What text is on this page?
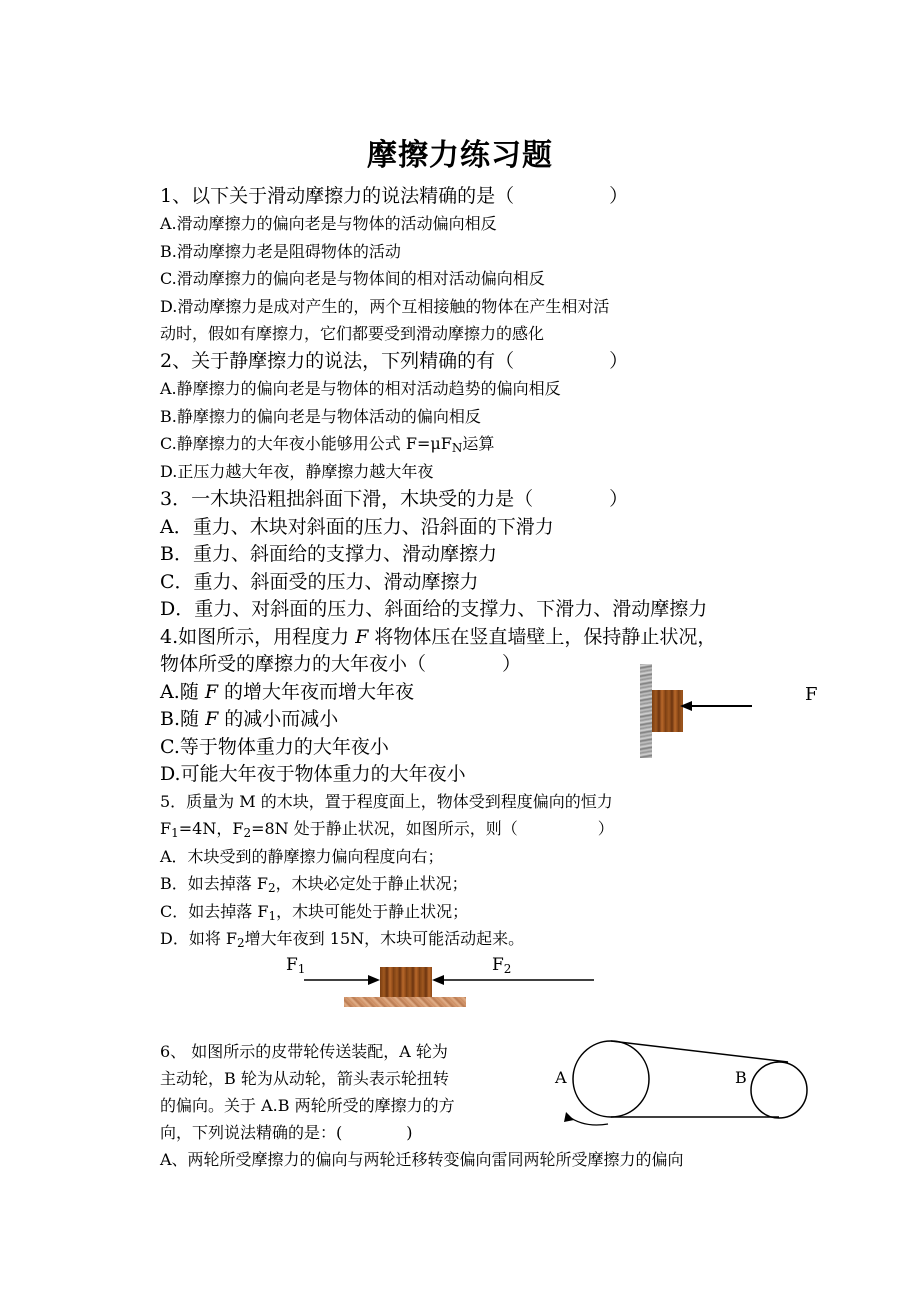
摩擦力练习题
1、以下关于滑动摩擦力的说法精确的是（　　　　　）
A.滑动摩擦力的偏向老是与物体的活动偏向相反
B.滑动摩擦力老是阻碍物体的活动
C.滑动摩擦力的偏向老是与物体间的相对活动偏向相反
D.滑动摩擦力是成对产生的，两个互相接触的物体在产生相对活
动时，假如有摩擦力，它们都要受到滑动摩擦力的感化
2、关于静摩擦力的说法，下列精确的有（　　　　　）
A.静摩擦力的偏向老是与物体的相对活动趋势的偏向相反
B.静摩擦力的偏向老是与物体活动的偏向相反
C.静摩擦力的大年夜小能够用公式 $F=\mu F_N$运算
D.正压力越大年夜，静摩擦力越大年夜
3．一木块沿粗拙斜面下滑，木块受的力是（　　　　）
A．重力、木块对斜面的压力、沿斜面的下滑力
B．重力、斜面给的支撑力、滑动摩擦力
C．重力、斜面受的压力、滑动摩擦力
D．重力、对斜面的压力、斜面给的支撑力、下滑力、滑动摩擦力
4.如图所示，用程度力 F 将物体压在竖直墙壁上，保持静止状况，
物体所受的摩擦力的大年夜小（　　　　）
A.随 F 的增大年夜而增大年夜
B.随 F 的减小而减小
C.等于物体重力的大年夜小
D.可能大年夜于物体重力的大年夜小
F
5．质量为 M 的木块，置于程度面上，物体受到程度偏向的恒力
$F_1=4N$，$F_2=8N$ 处于静止状况，如图所示，则（　　　　　）
A．木块受到的静摩擦力偏向程度向右；
B．如去掉落 $F_2$，木块必定处于静止状况；
C．如去掉落 $F_1$，木块可能处于静止状况；
D．如将 $F_2$增大年夜到 15N，木块可能活动起来。
$F_1$	$F_2$
6、 如图所示的皮带轮传送装配，A 轮为
主动轮，B 轮为从动轮，箭头表示轮扭转
的偏向。关于 A.B 两轮所受的摩擦力的方
向，下列说法精确的是：(　　　　)
A、两轮所受摩擦力的偏向与两轮迁移转变偏向雷同两轮所受摩擦力的偏向
A	B
